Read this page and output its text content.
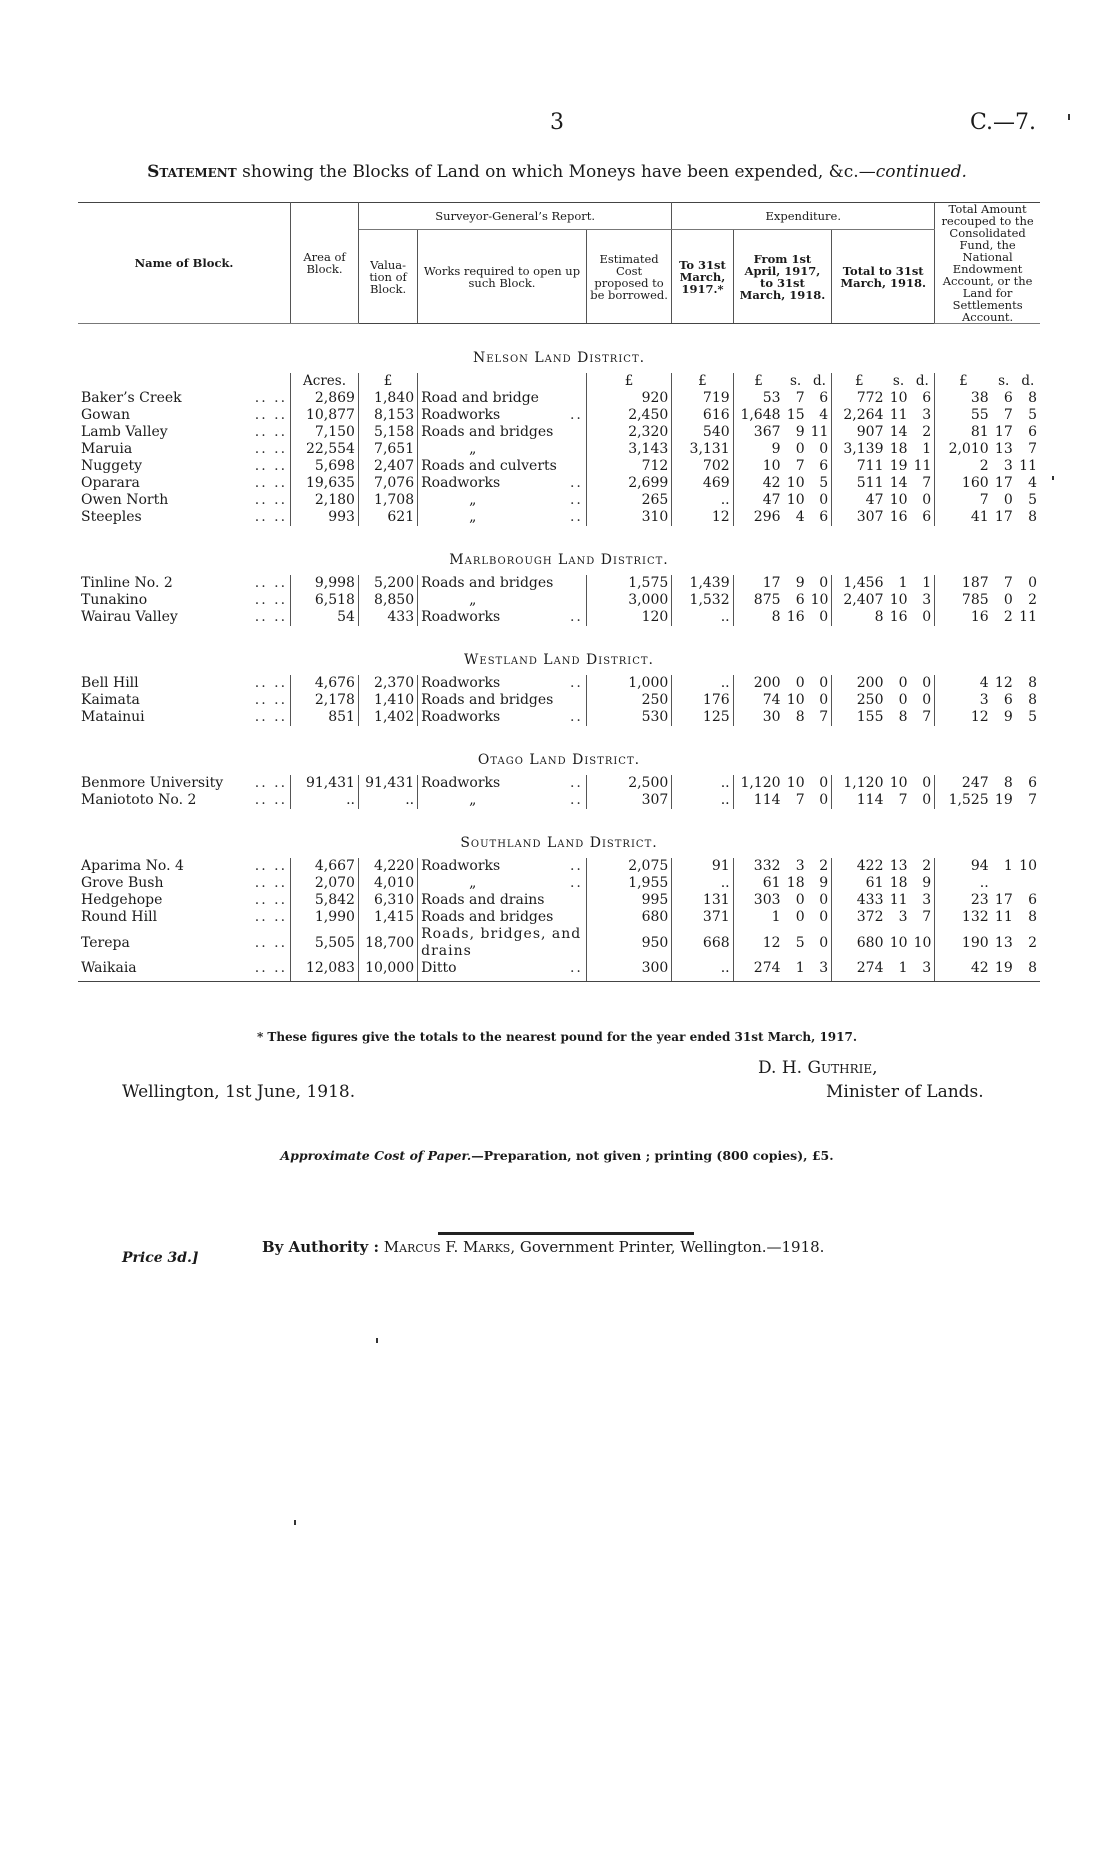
3	C.—7.
Statement showing the Blocks of Land on which Moneys have been expended, &c.—continued.
Name of Block.	Area of Block.	Surveyor-General’s Report.			Expenditure.							Total Amount recouped to the Consolidated Fund, the National Endowment Account, or the Land for Settlements Account.		
		Valua-tion of Block.	Works required to open up such Block.	Estimated Cost proposed to be borrowed.	To 31st March, 1917.*	From 1st April, 1917, to 31st March, 1918.			Total to 31st March, 1918.					
Nelson Land District.														
	Acres.	£		£	£	£	s.	d.	£	s.	d.	£	s.	d.
Baker’s Creek .. ..	2,869	1,840	Road and bridge	920	719	53	7	6	772	10	6	38	6	8
Gowan .. ..	10,877	8,153	Roadworks ..	2,450	616	1,648	15	4	2,264	11	3	55	7	5
Lamb Valley .. ..	7,150	5,158	Roads and bridges	2,320	540	367	9	11	907	14	2	81	17	6
Maruia .. ..	22,554	7,651	„	3,143	3,131	9	0	0	3,139	18	1	2,010	13	7
Nuggety .. ..	5,698	2,407	Roads and culverts	712	702	10	7	6	711	19	11	2	3	11
Oparara .. ..	19,635	7,076	Roadworks ..	2,699	469	42	10	5	511	14	7	160	17	4
Owen North .. ..	2,180	1,708	„ ..	265	..	47	10	0	47	10	0	7	0	5
Steeples .. ..	993	621	„ ..	310	12	296	4	6	307	16	6	41	17	8
Marlborough Land District.														
Tinline No. 2 .. ..	9,998	5,200	Roads and bridges	1,575	1,439	17	9	0	1,456	1	1	187	7	0
Tunakino .. ..	6,518	8,850	„	3,000	1,532	875	6	10	2,407	10	3	785	0	2
Wairau Valley .. ..	54	433	Roadworks ..	120	..	8	16	0	8	16	0	16	2	11
Westland Land District.														
Bell Hill .. ..	4,676	2,370	Roadworks ..	1,000	..	200	0	0	200	0	0	4	12	8
Kaimata .. ..	2,178	1,410	Roads and bridges	250	176	74	10	0	250	0	0	3	6	8
Matainui .. ..	851	1,402	Roadworks ..	530	125	30	8	7	155	8	7	12	9	5
Otago Land District.														
Benmore University .. ..	91,431	91,431	Roadworks ..	2,500	..	1,120	10	0	1,120	10	0	247	8	6
Maniototo No. 2 .. ..	..	..	„ ..	307	..	114	7	0	114	7	0	1,525	19	7
Southland Land District.														
Aparima No. 4 .. ..	4,667	4,220	Roadworks ..	2,075	91	332	3	2	422	13	2	94	1	10
Grove Bush .. ..	2,070	4,010	„ ..	1,955	..	61	18	9	61	18	9	..		
Hedgehope .. ..	5,842	6,310	Roads and drains	995	131	303	0	0	433	11	3	23	17	6
Round Hill .. ..	1,990	1,415	Roads and bridges	680	371	1	0	0	372	3	7	132	11	8
Terepa .. ..	5,505	18,700	Roads, bridges, and drains	950	668	12	5	0	680	10	10	190	13	2
Waikaia .. ..	12,083	10,000	Ditto ..	300	..	274	1	3	274	1	3	42	19	8
* These figures give the totals to the nearest pound for the year ended 31st March, 1917.
Wellington, 1st June, 1918.
D. H. Guthrie,
Minister of Lands.
Approximate Cost of Paper.—Preparation, not given ; printing (800 copies), £5.
By Authority : Marcus F. Marks, Government Printer, Wellington.—1918.
Price 3d.]
